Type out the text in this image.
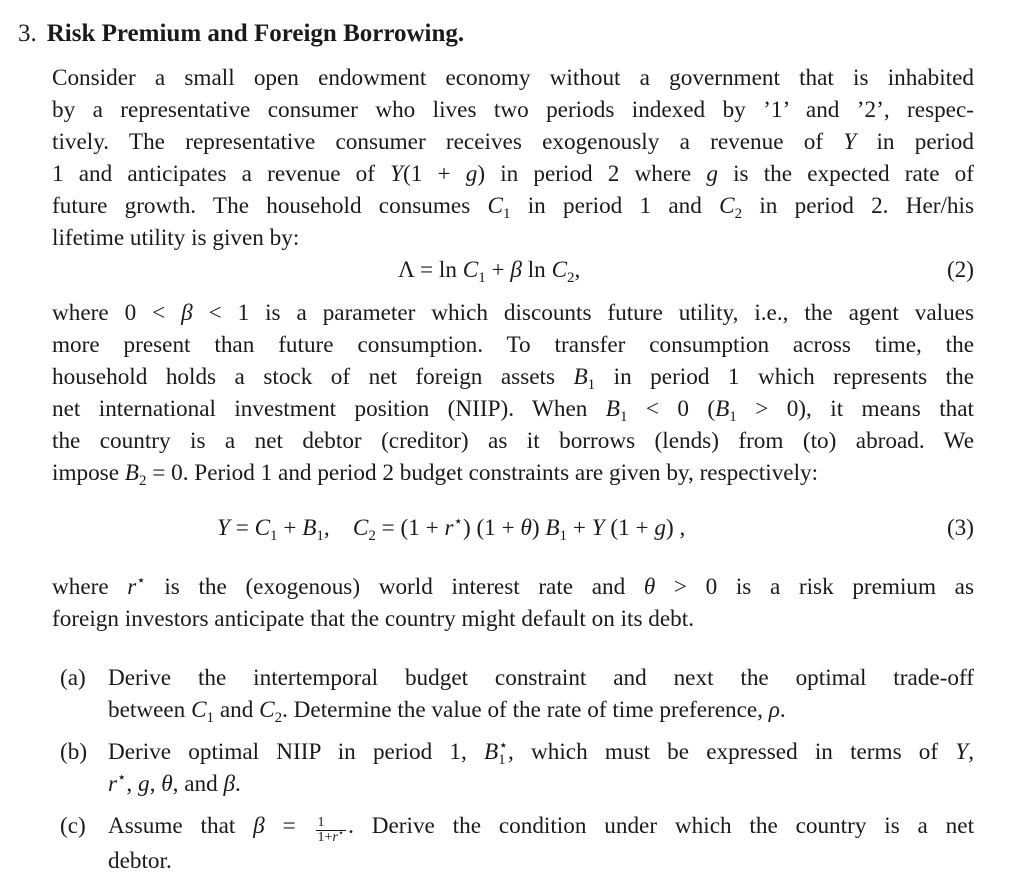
3. Risk Premium and Foreign Borrowing.
Consider a small open endowment economy without a government that is inhabited
by a representative consumer who lives two periods indexed by ’1’ and ’2’, respec-
tively. The representative consumer receives exogenously a revenue of Y in period
1 and anticipates a revenue of Y(1 + g) in period 2 where g is the expected rate of
future growth. The household consumes $C_1$ in period 1 and $C_2$ in period 2. Her/his
lifetime utility is given by:
$\Lambda = \ln C_1 + \beta$ $\ln C_2$,	(2)
where 0 < β < 1 is a parameter which discounts future utility, i.e., the agent values
more present than future consumption. To transfer consumption across time, the
household holds a stock of net foreign assets $B_1$ in period 1 which represents the
net international investment position (NIIP). When $B_1 < 0$ $(B_1 > 0)$, it means that
the country is a net debtor (creditor) as it borrows (lends) from (to) abroad. We
impose $B_2 = 0$. Period 1 and period 2 budget constraints are given by, respectively:
$Y = C_1 + B_1$,    $C_2 = (1 + r^⋆) (1 + \theta) B_1 + Y$ (1 + g) ,	(3)
where r⋆ is the (exogenous) world interest rate and θ > 0 is a risk premium as
foreign investors anticipate that the country might default on its debt.
(a) Derive the intertemporal budget constraint and next the optimal trade-off
between $C_1$ and $C_2$. Determine the value of the rate of time preference, ρ.
(b) Derive optimal NIIP in period 1, $B_1^⋆$, which must be expressed in terms of Y,
r⋆, g, θ, and β.
(c) Assume that $\beta = \frac{1}{1+r^⋆}$ . Derive the condition under which the country is a net
debtor.
